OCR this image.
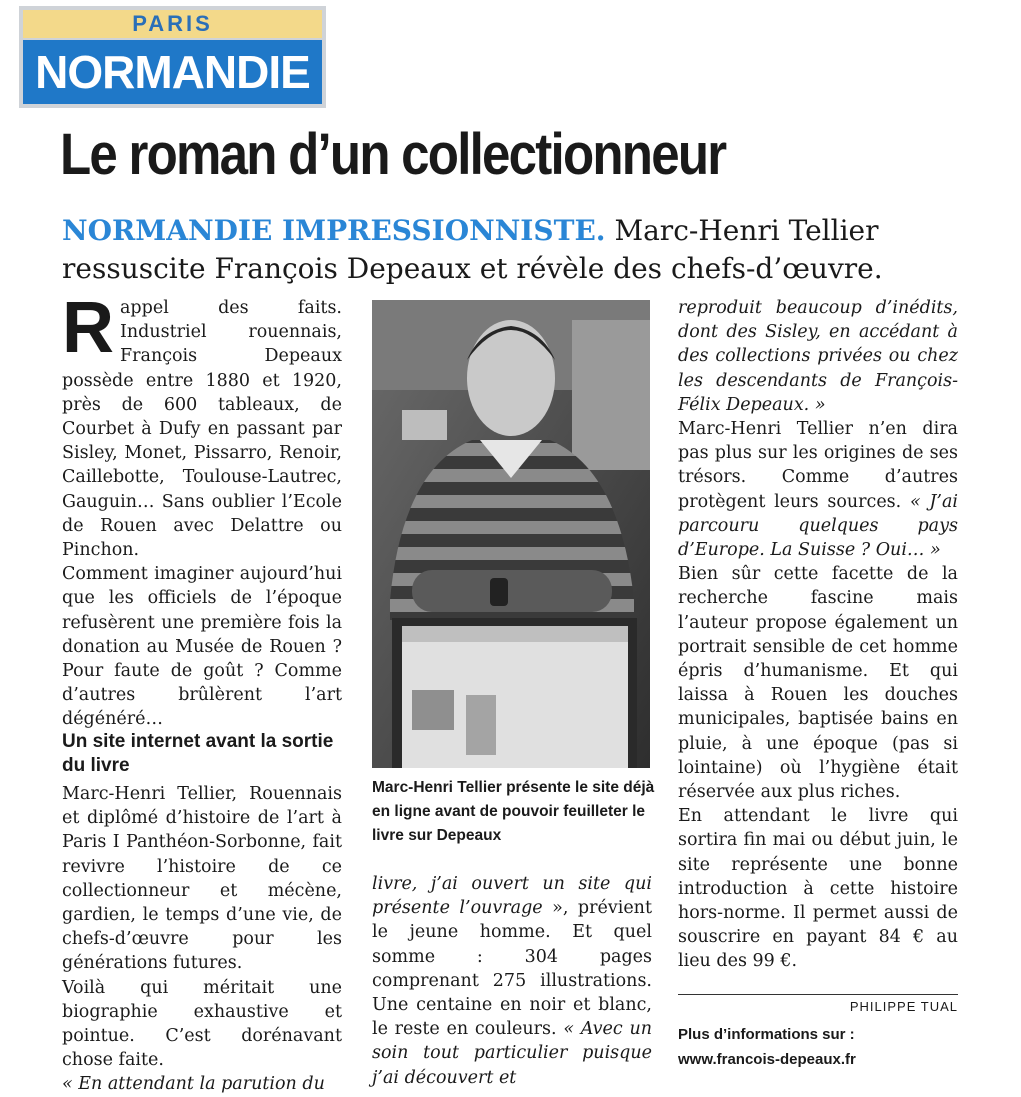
PARIS
NORMANDIE
Le roman d’un collectionneur
NORMANDIE IMPRESSIONNISTE. Marc-Henri Tellier ressuscite François Depeaux et révèle des chefs-d’œuvre.
R appel des faits. Industriel rouennais, François Depeaux possède entre 1880 et 1920, près de 600 tableaux, de Courbet à Dufy en passant par Sisley, Monet, Pissarro, Renoir, Caillebotte, Toulouse-Lautrec, Gauguin… Sans oublier l’Ecole de Rouen avec Delattre ou Pinchon.

Comment imaginer aujourd’hui que les officiels de l’époque refusèrent une première fois la donation au Musée de Rouen ? Pour faute de goût ? Comme d’autres brûlèrent l’art dégénéré…

Un site internet avant la sortie du livre

Marc-Henri Tellier, Rouennais et diplômé d’histoire de l’art à Paris I Panthéon-Sorbonne, fait revivre l’histoire de ce collectionneur et mécène, gardien, le temps d’une vie, de chefs-d’œuvre pour les générations futures.

Voilà qui méritait une biographie exhaustive et pointue. C’est dorénavant chose faite.

« En attendant la parution du

Marc-Henri Tellier présente le site déjà en ligne avant de pouvoir feuilleter le livre sur Depeaux

livre, j’ai ouvert un site qui présente l’ouvrage », prévient le jeune homme. Et quel somme : 304 pages comprenant 275 illustrations. Une centaine en noir et blanc, le reste en couleurs. « Avec un soin tout particulier puisque j’ai découvert et

reproduit beaucoup d’inédits, dont des Sisley, en accédant à des collections privées ou chez les descendants de François-Félix Depeaux. »

Marc-Henri Tellier n’en dira pas plus sur les origines de ses trésors. Comme d’autres protègent leurs sources. « J’ai parcouru quelques pays d’Europe. La Suisse ? Oui… »

Bien sûr cette facette de la recherche fascine mais l’auteur propose également un portrait sensible de cet homme épris d’humanisme. Et qui laissa à Rouen les douches municipales, baptisée bains en pluie, à une époque (pas si lointaine) où l’hygiène était réservée aux plus riches.

En attendant le livre qui sortira fin mai ou début juin, le site représente une bonne introduction à cette histoire hors-norme. Il permet aussi de souscrire en payant 84 € au lieu des 99 €.

PHILIPPE TUAL
Plus d’informations sur :
www.francois-depeaux.fr
